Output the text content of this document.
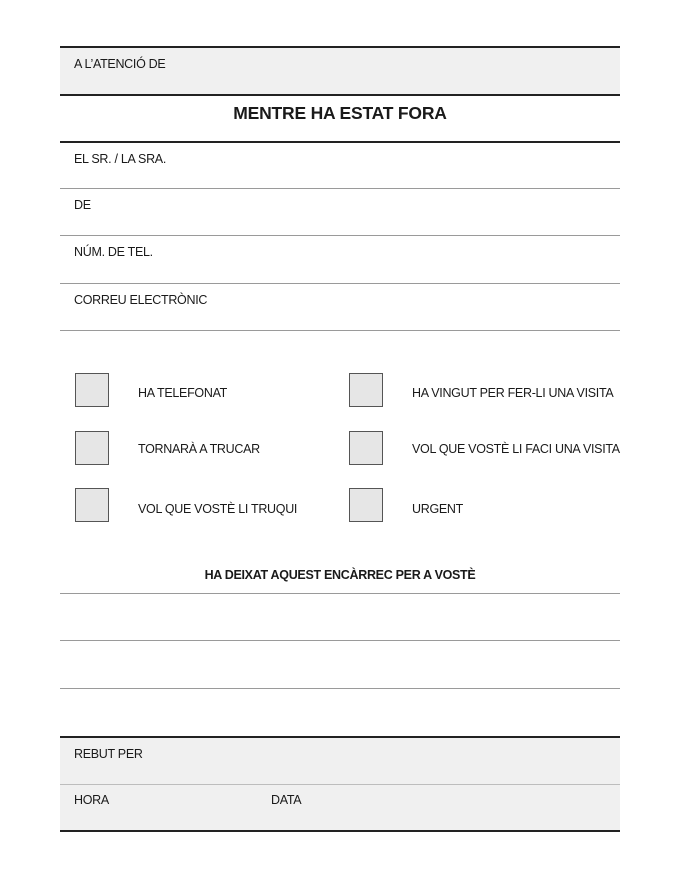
A L’ATENCIÓ DE
MENTRE HA ESTAT FORA
EL SR. / LA SRA.
DE
NÚM. DE TEL.
CORREU ELECTRÒNIC
HA TELEFONAT	HA VINGUT PER FER-LI UNA VISITA
TORNARÀ A TRUCAR	VOL QUE VOSTÈ LI FACI UNA VISITA
VOL QUE VOSTÈ LI TRUQUI	URGENT
HA DEIXAT AQUEST ENCÀRREC PER A VOSTÈ
REBUT PER
HORA	DATA
